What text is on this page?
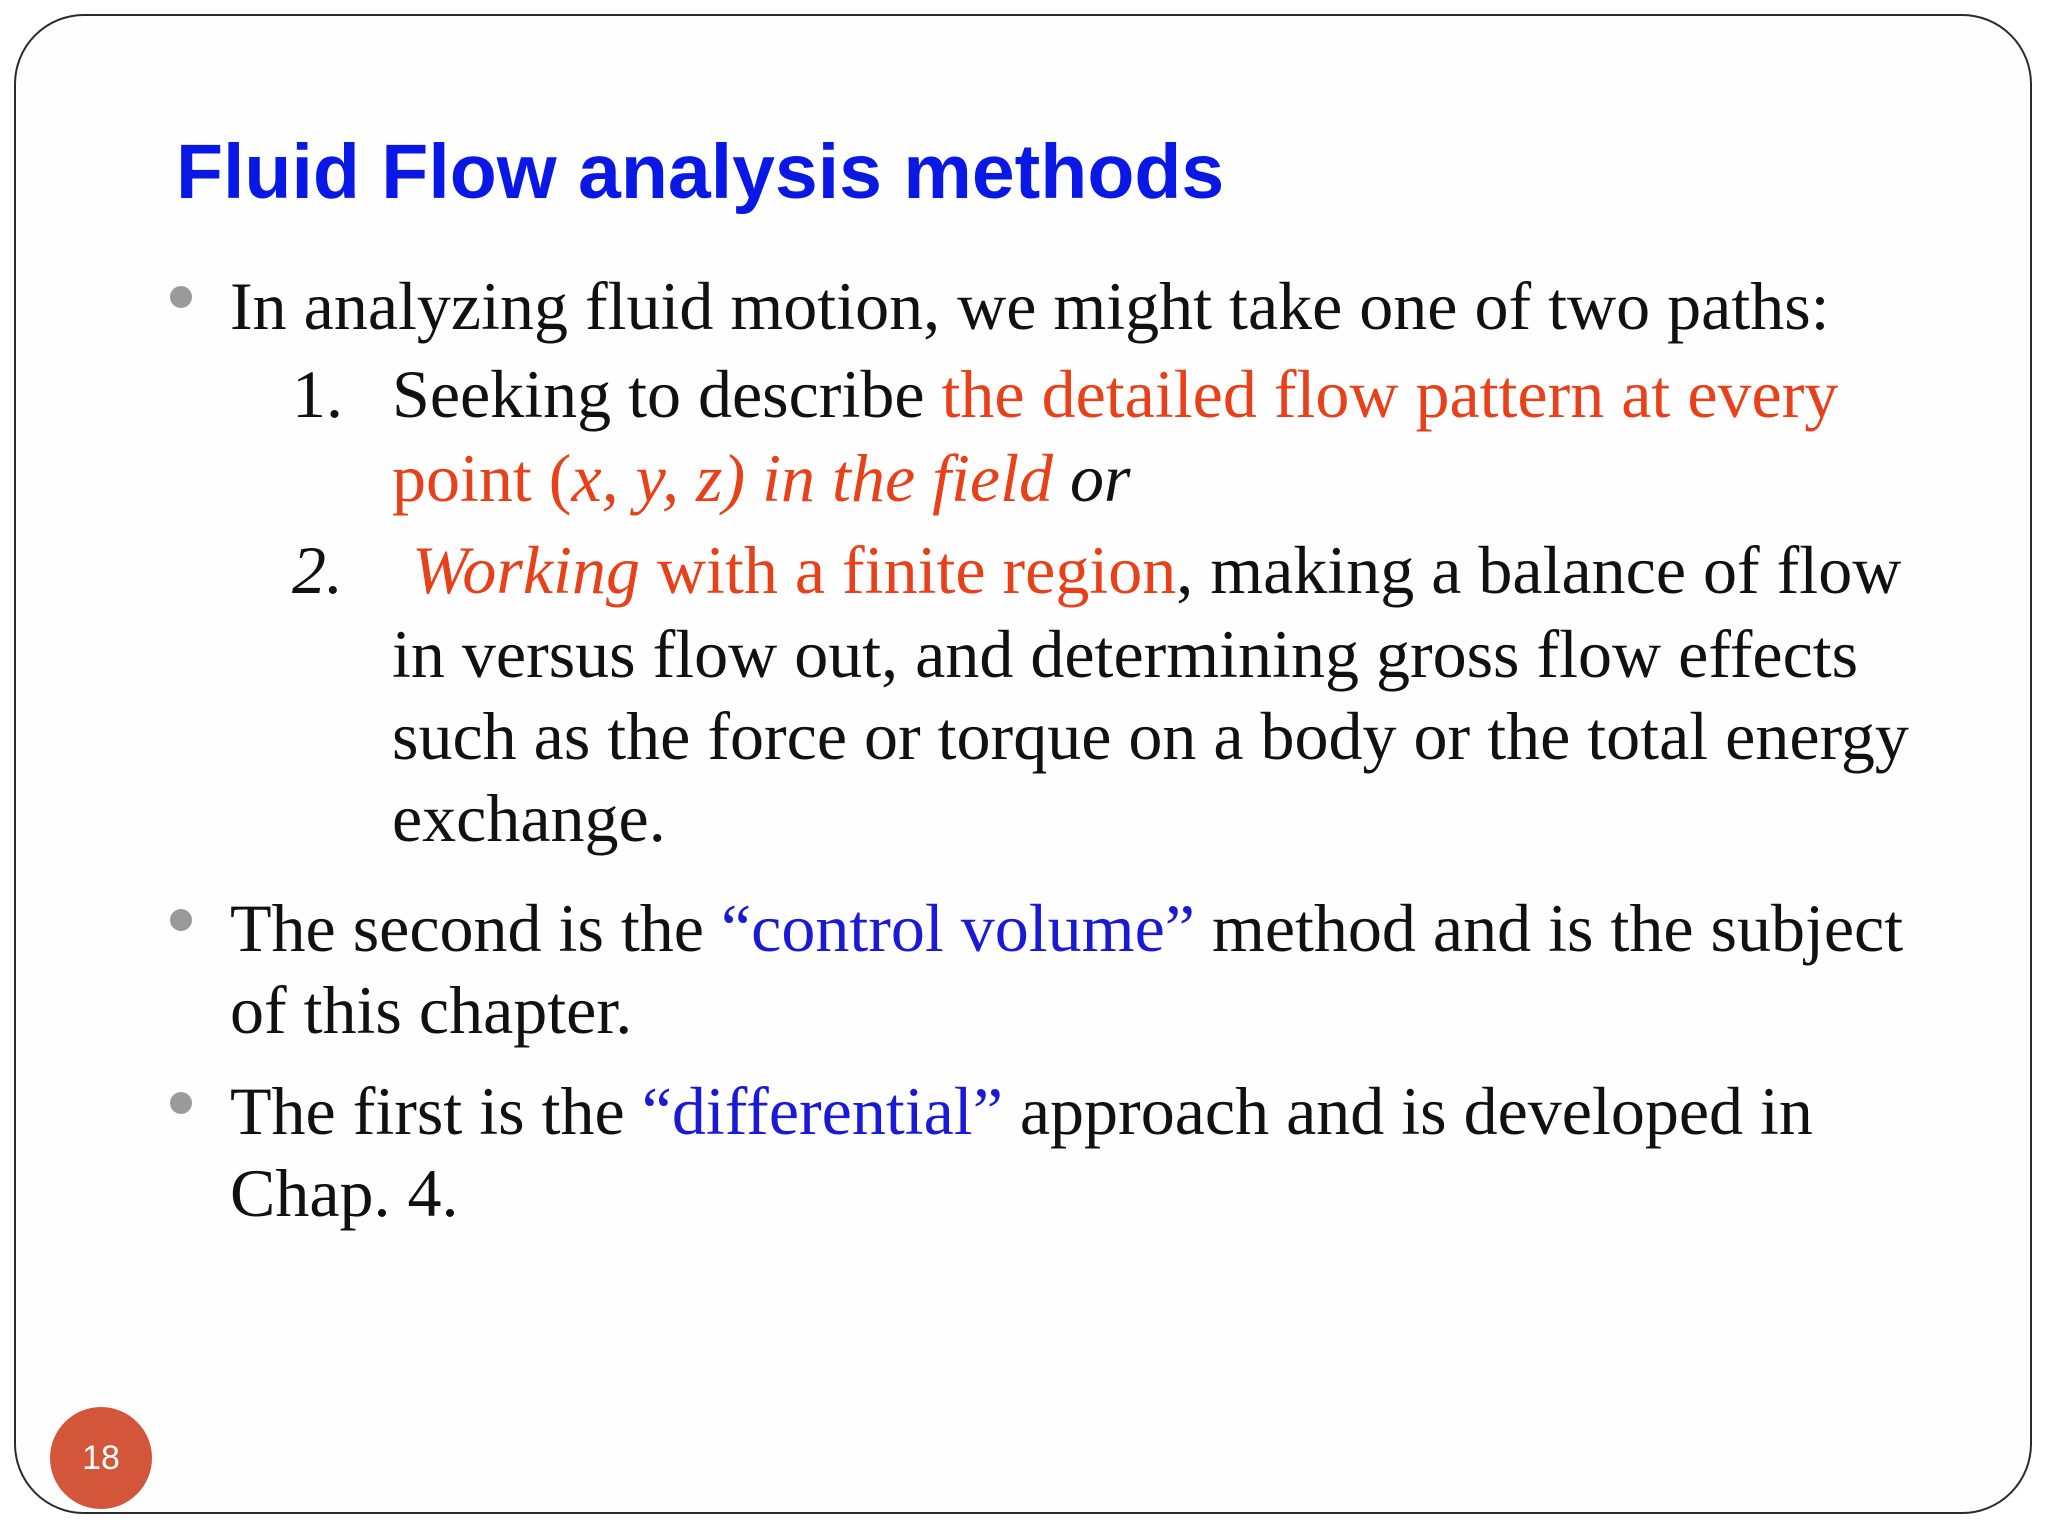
Fluid Flow analysis methods
In analyzing fluid motion, we might take one of two paths:
1. Seeking to describe the detailed flow pattern at every
point (x, y, z) in the field or
2. Working with a finite region, making a balance of flow
in versus flow out, and determining gross flow effects
such as the force or torque on a body or the total energy
exchange.
The second is the “control volume” method and is the subject
of this chapter.
The first is the “differential” approach and is developed in
Chap. 4.
18
